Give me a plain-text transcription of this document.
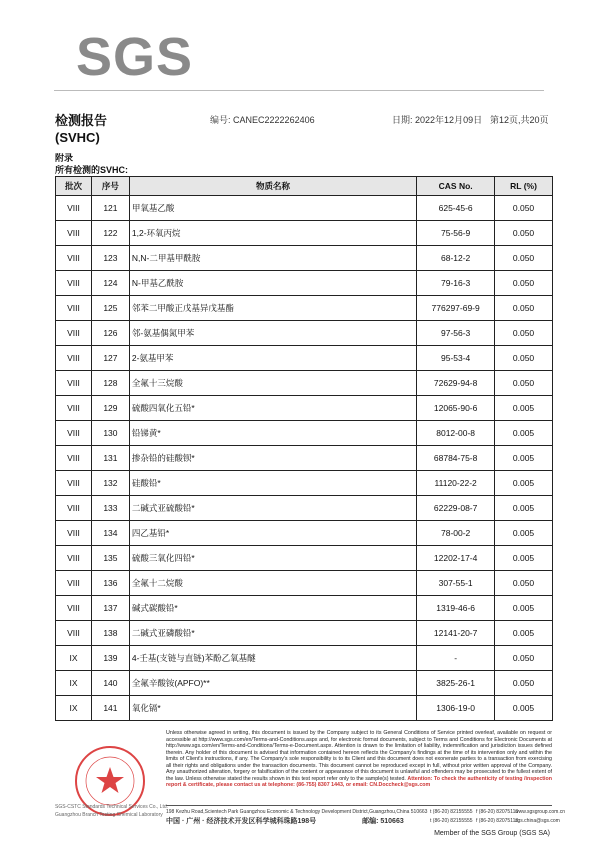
SGS
检测报告
(SVHC)
编号: CANEC2222262406	日期: 2022年12月09日 第12页,共20页
附录
所有检测的SVHC:
批次	序号	物质名称	CAS No.	RL (%)
VIII	121	甲氧基乙酸	625-45-6	0.050
VIII	122	1,2-环氧丙烷	75-56-9	0.050
VIII	123	N,N-二甲基甲酰胺	68-12-2	0.050
VIII	124	N-甲基乙酰胺	79-16-3	0.050
VIII	125	邻苯二甲酸正戊基异戊基酯	776297-69-9	0.050
VIII	126	邻-氨基偶氮甲苯	97-56-3	0.050
VIII	127	2-氨基甲苯	95-53-4	0.050
VIII	128	全氟十三烷酸	72629-94-8	0.050
VIII	129	硫酸四氧化五铅*	12065-90-6	0.005
VIII	130	铅锑黄*	8012-00-8	0.005
VIII	131	掺杂铅的硅酸钡*	68784-75-8	0.005
VIII	132	硅酸铅*	11120-22-2	0.005
VIII	133	二碱式亚硫酸铅*	62229-08-7	0.005
VIII	134	四乙基铅*	78-00-2	0.005
VIII	135	硫酸三氧化四铅*	12202-17-4	0.005
VIII	136	全氟十二烷酸	307-55-1	0.050
VIII	137	碱式碳酸铅*	1319-46-6	0.005
VIII	138	二碱式亚磷酸铅*	12141-20-7	0.005
IX	139	4-壬基(支链与直链)苯酚乙氧基醚	-	0.050
IX	140	全氟辛酸铵(APFO)**	3825-26-1	0.050
IX	141	氧化镉*	1306-19-0	0.005
SGS-CSTC Standards Technical Services Co., Ltd.
Guangzhou Branch Testing Chemical Laboratory
Unless otherwise agreed in writing, this document is issued by the Company subject to its General Conditions of Service printed overleaf, available on request or accessible at http://www.sgs.com/en/Terms-and-Conditions.aspx and, for electronic format documents, subject to Terms and Conditions for Electronic Documents at http://www.sgs.com/en/Terms-and-Conditions/Terms-e-Document.aspx. Attention is drawn to the limitation of liability, indemnification and jurisdiction issues defined therein. Any holder of this document is advised that information contained hereon reflects the Company's findings at the time of its intervention only and within the limits of Client's instructions, if any. The Company's sole responsibility is to its Client and this document does not exonerate parties to a transaction from exercising all their rights and obligations under the transaction documents. This document cannot be reproduced except in full, without prior written approval of the Company. Any unauthorized alteration, forgery or falsification of the content or appearance of this document is unlawful and offenders may be prosecuted to the fullest extent of the law. Unless otherwise stated the results shown in this test report refer only to the sample(s) tested. Attention: To check the authenticity of testing /inspection report & certificate, please contact us at telephone: (86-755) 8307 1443, or email: CN.Doccheck@sgs.com
198 Kezhu Road,Scientech Park Guangzhou Economic & Technology Development District,Guangzhou,China 510663
中国 · 广州 · 经济技术开发区科学城科珠路198号	邮编: 510663
t (86-20) 82155555
t (86-20) 82155555
f (86-20) 82075113
f (86-20) 82075113
www.sgsgroup.com.cn
sgs.china@sgs.com
Member of the SGS Group (SGS SA)
